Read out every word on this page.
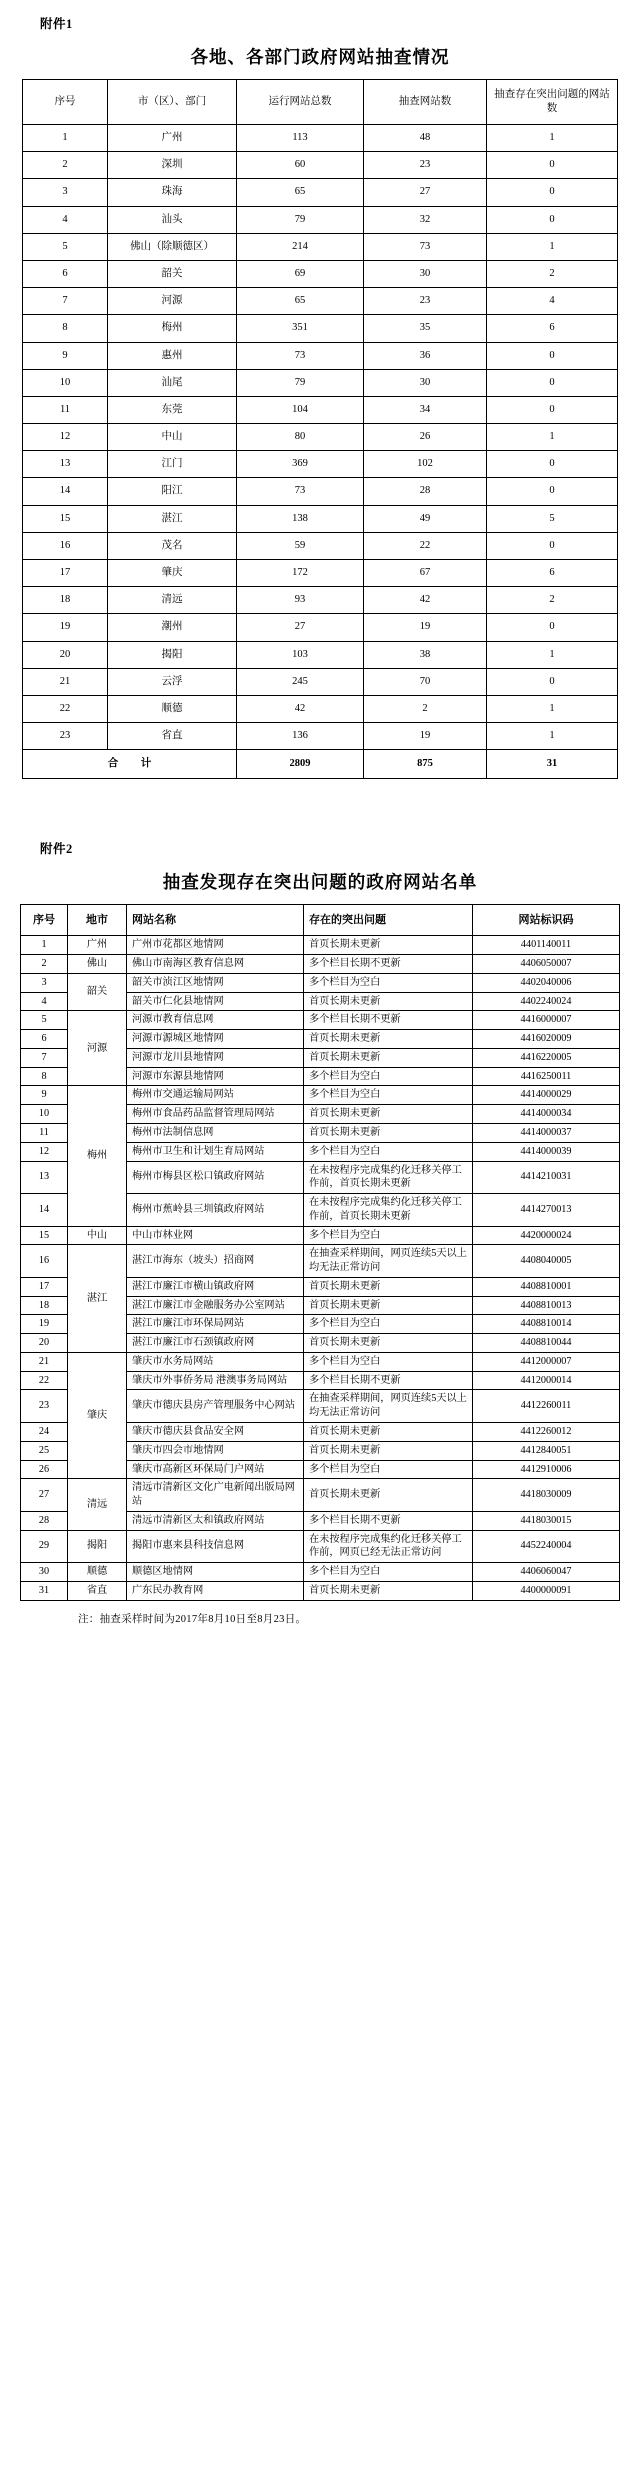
附件1
各地、各部门政府网站抽查情况
序号	市（区）、部门	运行网站总数	抽查网站数	抽查存在突出问题的网站数
1	广州	113	48	1
2	深圳	60	23	0
3	珠海	65	27	0
4	汕头	79	32	0
5	佛山（除顺德区）	214	73	1
6	韶关	69	30	2
7	河源	65	23	4
8	梅州	351	35	6
9	惠州	73	36	0
10	汕尾	79	30	0
11	东莞	104	34	0
12	中山	80	26	1
13	江门	369	102	0
14	阳江	73	28	0
15	湛江	138	49	5
16	茂名	59	22	0
17	肇庆	172	67	6
18	清远	93	42	2
19	潮州	27	19	0
20	揭阳	103	38	1
21	云浮	245	70	0
22	顺德	42	2	1
23	省直	136	19	1
合 计		2809	875	31
附件2
抽查发现存在突出问题的政府网站名单
序号	地市	网站名称	存在的突出问题	网站标识码
1	广州	广州市花都区地情网	首页长期未更新	4401140011
2	佛山	佛山市南海区教育信息网	多个栏目长期不更新	4406050007
3	韶关	韶关市浈江区地情网	多个栏目为空白	4402040006
4		韶关市仁化县地情网	首页长期未更新	4402240024
5	河源	河源市教育信息网	多个栏目长期不更新	4416000007
6		河源市源城区地情网	首页长期未更新	4416020009
7		河源市龙川县地情网	首页长期未更新	4416220005
8		河源市东源县地情网	多个栏目为空白	4416250011
9	梅州	梅州市交通运输局网站	多个栏目为空白	4414000029
10		梅州市食品药品监督管理局网站	首页长期未更新	4414000034
11		梅州市法制信息网	首页长期未更新	4414000037
12		梅州市卫生和计划生育局网站	多个栏目为空白	4414000039
13		梅州市梅县区松口镇政府网站	在未按程序完成集约化迁移关停工作前，首页长期未更新	4414210031
14		梅州市蕉岭县三圳镇政府网站	在未按程序完成集约化迁移关停工作前，首页长期未更新	4414270013
15	中山	中山市林业网	多个栏目为空白	4420000024
16	湛江	湛江市海东（坡头）招商网	在抽查采样期间，网页连续5天以上均无法正常访问	4408040005
17		湛江市廉江市横山镇政府网	首页长期未更新	4408810001
18		湛江市廉江市金融服务办公室网站	首页长期未更新	4408810013
19		湛江市廉江市环保局网站	多个栏目为空白	4408810014
20		湛江市廉江市石颈镇政府网	首页长期未更新	4408810044
21	肇庆	肇庆市水务局网站	多个栏目为空白	4412000007
22		肇庆市外事侨务局 港澳事务局网站	多个栏目长期不更新	4412000014
23		肇庆市德庆县房产管理服务中心网站	在抽查采样期间，网页连续5天以上均无法正常访问	4412260011
24		肇庆市德庆县食品安全网	首页长期未更新	4412260012
25		肇庆市四会市地情网	首页长期未更新	4412840051
26		肇庆市高新区环保局门户网站	多个栏目为空白	4412910006
27	清远	清远市清新区文化广电新闻出版局网站	首页长期未更新	4418030009
28		清远市清新区太和镇政府网站	多个栏目长期不更新	4418030015
29	揭阳	揭阳市惠来县科技信息网	在未按程序完成集约化迁移关停工作前，网页已经无法正常访问	4452240004
30	顺德	顺德区地情网	多个栏目为空白	4406060047
31	省直	广东民办教育网	首页长期未更新	4400000091
注：抽查采样时间为2017年8月10日至8月23日。
